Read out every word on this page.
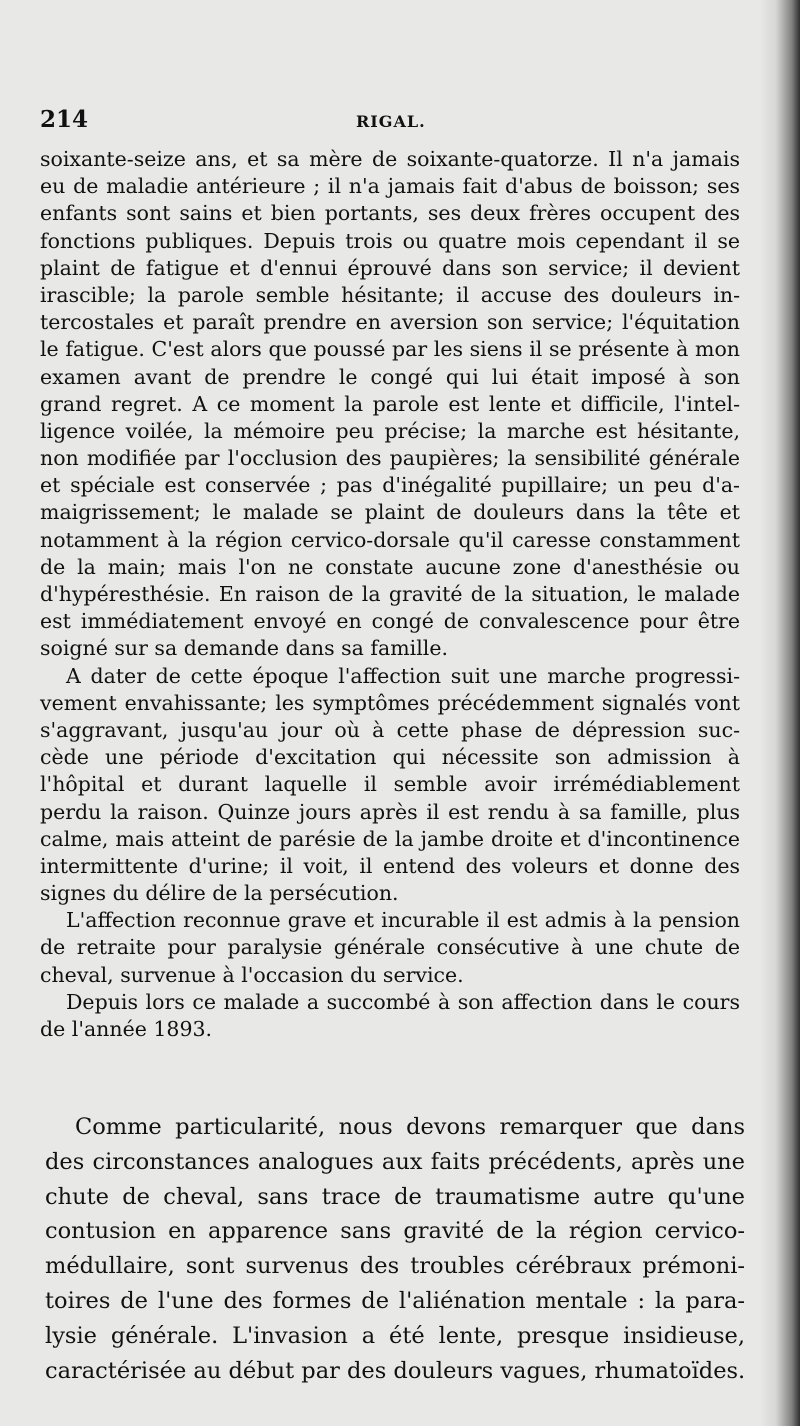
214	RIGAL.
soixante-seize ans, et sa mère de soixante-quatorze. Il n'a jamais
eu de maladie antérieure ; il n'a jamais fait d'abus de boisson; ses
enfants sont sains et bien portants, ses deux frères occupent des
fonctions publiques. Depuis trois ou quatre mois cependant il se
plaint de fatigue et d'ennui éprouvé dans son service; il devient
irascible; la parole semble hésitante; il accuse des douleurs in-
tercostales et paraît prendre en aversion son service; l'équitation
le fatigue. C'est alors que poussé par les siens il se présente à mon
examen avant de prendre le congé qui lui était imposé à son
grand regret. A ce moment la parole est lente et difficile, l'intel-
ligence voilée, la mémoire peu précise; la marche est hésitante,
non modifiée par l'occlusion des paupières; la sensibilité générale
et spéciale est conservée ; pas d'inégalité pupillaire; un peu d'a-
maigrissement; le malade se plaint de douleurs dans la tête et
notamment à la région cervico-dorsale qu'il caresse constamment
de la main; mais l'on ne constate aucune zone d'anesthésie ou
d'hypéresthésie. En raison de la gravité de la situation, le malade
est immédiatement envoyé en congé de convalescence pour être
soigné sur sa demande dans sa famille.
A dater de cette époque l'affection suit une marche progressi-
vement envahissante; les symptômes précédemment signalés vont
s'aggravant, jusqu'au jour où à cette phase de dépression suc-
cède une période d'excitation qui nécessite son admission à
l'hôpital et durant laquelle il semble avoir irrémédiablement
perdu la raison. Quinze jours après il est rendu à sa famille, plus
calme, mais atteint de parésie de la jambe droite et d'incontinence
intermittente d'urine; il voit, il entend des voleurs et donne des
signes du délire de la persécution.
L'affection reconnue grave et incurable il est admis à la pension
de retraite pour paralysie générale consécutive à une chute de
cheval, survenue à l'occasion du service.
Depuis lors ce malade a succombé à son affection dans le cours
de l'année 1893.
Comme particularité, nous devons remarquer que dans
des circonstances analogues aux faits précédents, après une
chute de cheval, sans trace de traumatisme autre qu'une
contusion en apparence sans gravité de la région cervico-
médullaire, sont survenus des troubles cérébraux prémoni-
toires de l'une des formes de l'aliénation mentale : la para-
lysie générale. L'invasion a été lente, presque insidieuse,
caractérisée au début par des douleurs vagues, rhumatoïdes.
